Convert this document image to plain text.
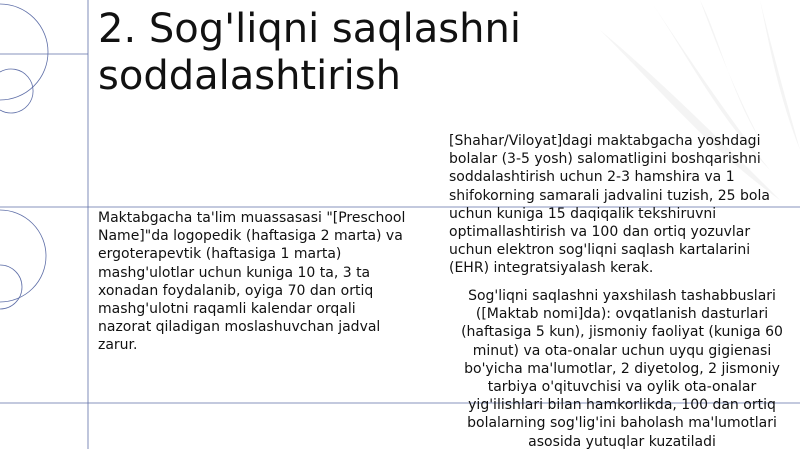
2. Sog'liqni saqlashni
soddalashtirish

Maktabgacha ta'lim muassasasi "[Preschool Name]"da logopedik (haftasiga 2 marta) va ergoterapevtik (haftasiga 1 marta) mashg'ulotlar uchun kuniga 10 ta, 3 ta xonadan foydalanib, oyiga 70 dan ortiq mashg'ulotni raqamli kalendar orqali nazorat qiladigan moslashuvchan jadval zarur.

[Shahar/Viloyat]dagi maktabgacha yoshdagi bolalar (3-5 yosh) salomatligini boshqarishni soddalashtirish uchun 2-3 hamshira va 1 shifokorning samarali jadvalini tuzish, 25 bola uchun kuniga 15 daqiqalik tekshiruvni optimallashtirish va 100 dan ortiq yozuvlar uchun elektron sog'liqni saqlash kartalarini (EHR) integratsiyalash kerak.

Sog'liqni saqlashni yaxshilash tashabbuslari ([Maktab nomi]da): ovqatlanish dasturlari (haftasiga 5 kun), jismoniy faoliyat (kuniga 60 minut) va ota-onalar uchun uyqu gigienasi bo'yicha ma'lumotlar, 2 diyetolog, 2 jismoniy tarbiya o'qituvchisi va oylik ota-onalar yig'ilishlari bilan hamkorlikda, 100 dan ortiq bolalarning sog'lig'ini baholash ma'lumotlari asosida yutuqlar kuzatiladi
